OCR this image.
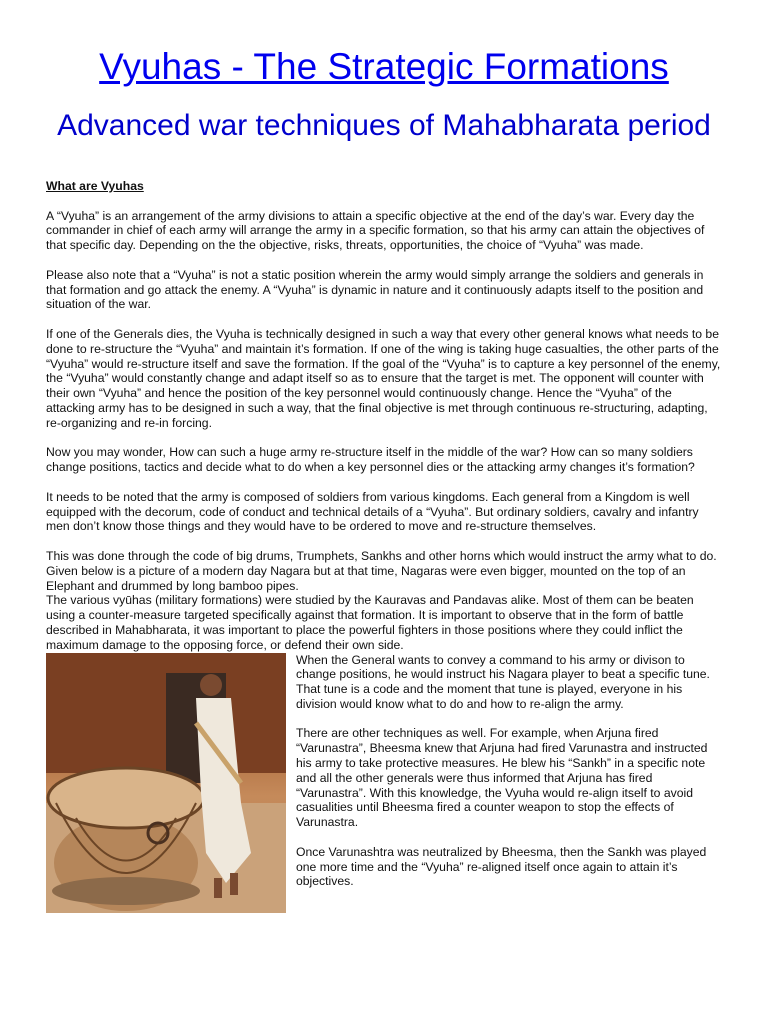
Vyuhas - The Strategic Formations
Advanced war techniques of Mahabharata period

What are Vyuhas

A “Vyuha” is an arrangement of the army divisions to attain a specific objective at the end of the day’s war. Every day the commander in chief of each army will arrange the army in a specific formation, so that his army can attain the objectives of that specific day. Depending on the the objective, risks, threats, opportunities, the choice of “Vyuha” was made.

Please also note that a “Vyuha” is not a static position wherein the army would simply arrange the soldiers and generals in that formation and go attack the enemy. A “Vyuha” is dynamic in nature and it continuously adapts itself to the position and situation of the war.

If one of the Generals dies, the Vyuha is technically designed in such a way that every other general knows what needs to be done to re-structure the “Vyuha” and maintain it’s formation. If one of the wing is taking huge casualties, the other parts of the “Vyuha” would re-structure itself and save the formation. If the goal of the “Vyuha” is to capture a key personnel of the enemy, the “Vyuha” would constantly change and adapt itself so as to ensure that the target is met. The opponent will counter with their own “Vyuha” and hence the position of the key personnel would continuously change. Hence the “Vyuha” of the attacking army has to be designed in such a way, that the final objective is met through continuous re-structuring, adapting, re-organizing and re-in forcing.

Now you may wonder, How can such a huge army re-structure itself in the middle of the war? How can so many soldiers change positions, tactics and decide what to do when a key personnel dies or the attacking army changes it’s formation?

It needs to be noted that the army is composed of soldiers from various kingdoms. Each general from a Kingdom is well equipped with the decorum, code of conduct and technical details of a “Vyuha”. But ordinary soldiers, cavalry and infantry men don’t know those things and they would have to be ordered to move and re-structure themselves.

This was done through the code of big drums, Trumphets, Sankhs and other horns which would instruct the army what to do. Given below is a picture of a modern day Nagara but at that time, Nagaras were even bigger, mounted on the top of an Elephant and drummed by long bamboo pipes.

The various vyūhas (military formations) were studied by the Kauravas and Pandavas alike. Most of them can be beaten using a counter-measure targeted specifically against that formation. It is important to observe that in the form of battle described in Mahabharata, it was important to place the powerful fighters in those positions where they could inflict the maximum damage to the opposing force, or defend their own side.

When the General wants to convey a command to his army or divison to change positions, he would instruct his Nagara player to beat a specific tune. That tune is a code and the moment that tune is played, everyone in his division would know what to do and how to re-align the army.

There are other techniques as well. For example, when Arjuna fired “Varunastra”, Bheesma knew that Arjuna had fired Varunastra and instructed his army to take protective measures. He blew his “Sankh” in a specific note and all the other generals were thus informed that Arjuna has fired “Varunastra”. With this knowledge, the Vyuha would re-align itself to avoid casualities until Bheesma fired a counter weapon to stop the effects of Varunastra.

Once Varunashtra was neutralized by Bheesma, then the Sankh was played one more time and the “Vyuha” re-aligned itself once again to attain it’s objectives.
